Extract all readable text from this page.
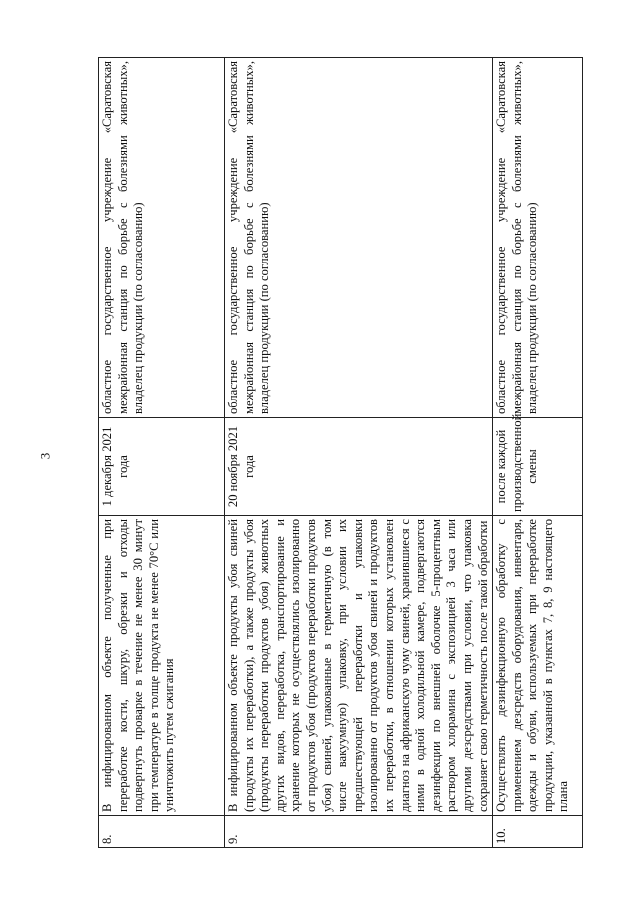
3
8.	В инфицированном объекте полученные при переработке кости, шкуру, обрезки и отходы подвергнуть проварке в течение не менее 30 минут при температуре в толще продукта не менее 70°С или уничтожить путем сжигания	1 декабря 2021 года	областное государственное учреждение «Саратовская межрайонная станция по борьбе с болезнями животных», владелец продукции (по согласованию)
9.	В инфицированном объекте продукты убоя свиней (продукты их переработки), а также продукты убоя (продукты переработки продуктов убоя) животных других видов, переработка, транспортирование и хранение которых не осуществлялись изолированно от продуктов убоя (продуктов переработки продуктов убоя) свиней, упакованные в герметичную (в том числе вакуумную) упаковку, при условии их предшествующей переработки и упаковки изолированно от продуктов убоя свиней и продуктов их переработки, в отношении которых установлен диагноз на африканскую чуму свиней, хранившиеся с ними в одной холодильной камере, подвергаются дезинфекции по внешней оболочке 5-процентным раствором хлорамина с экспозицией 3 часа или другими дезсредствами при условии, что упаковка сохраняет свою герметичность после такой обработки	20 ноября 2021 года	областное государственное учреждение «Саратовская межрайонная станция по борьбе с болезнями животных», владелец продукции (по согласованию)
10.	Осуществлять дезинфекционную обработку с применением дезсредств оборудования, инвентаря, одежды и обуви, используемых при переработке продукции, указанной в пунктах 7, 8, 9 настоящего плана	после каждой производственной смены	областное государственное учреждение «Саратовская межрайонная станция по борьбе с болезнями животных», владелец продукции (по согласованию)
